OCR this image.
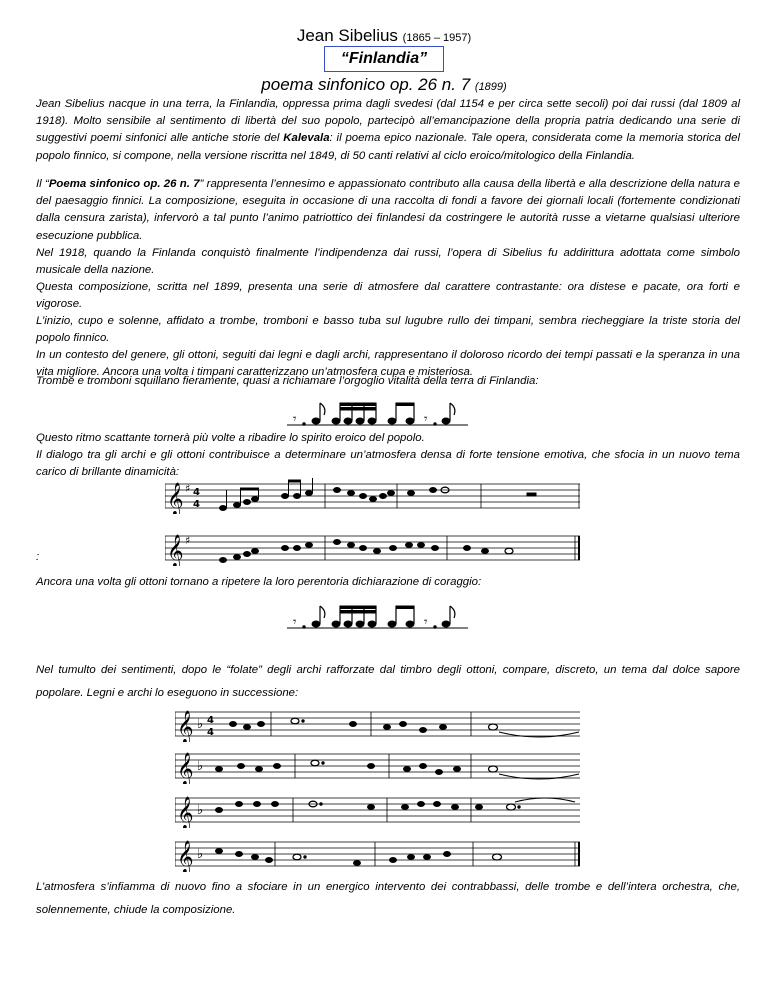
Jean Sibelius (1865 – 1957)
“Finlandia”
poema sinfonico op. 26 n. 7 (1899)

Jean Sibelius nacque in una terra, la Finlandia, oppressa prima dagli svedesi (dal 1154 e per circa sette secoli) poi dai russi (dal 1809 al 1918). Molto sensibile al sentimento di libertà del suo popolo, partecipò all’emancipazione della propria patria dedicando una serie di suggestivi poemi sinfonici alle antiche storie del Kalevala: il poema epico nazionale. Tale opera, considerata come la memoria storica del popolo finnico, si compone, nella versione riscritta nel 1849, di 50 canti relativi al ciclo eroico/mitologico della Finlandia.

Il “Poema sinfonico op. 26 n. 7” rappresenta l’ennesimo e appassionato contributo alla causa della libertà e alla descrizione della natura e del paesaggio finnici. La composizione, eseguita in occasione di una raccolta di fondi a favore dei giornali locali (fortemente condizionati dalla censura zarista), infervorò a tal punto l’animo patriottico dei finlandesi da costringere le autorità russe a vietarne qualsiasi ulteriore esecuzione pubblica.

Nel 1918, quando la Finlanda conquistò finalmente l’indipendenza dai russi, l’opera di Sibelius fu addirittura adottata come simbolo musicale della nazione.

Questa composizione, scritta nel 1899, presenta una serie di atmosfere dal carattere contrastante: ora distese e pacate, ora forti e vigorose.

L’inizio, cupo e solenne, affidato a trombe, tromboni e basso tuba sul lugubre rullo dei timpani, sembra riecheggiare la triste storia del popolo finnico.

In un contesto del genere, gli ottoni, seguiti dai legni e dagli archi, rappresentano il doloroso ricordo dei tempi passati e la speranza in una vita migliore. Ancora una volta i timpani caratterizzano un’atmosfera cupa e misteriosa.

Trombe e tromboni squillano fieramente, quasi a richiamare l’orgoglio vitalità della terra di Finlandia:

𝄾	𝄾

Questo ritmo scattante tornerà più volte a ribadire lo spirito eroico del popolo.

Il dialogo tra gli archi e gli ottoni contribuisce a determinare un’atmosfera densa di forte tensione emotiva, che sfocia in un nuovo tema carico di brillante dinamicità:

𝄞 ♯ 4
4
:	𝄞 ♯

Ancora una volta gli ottoni tornano a ripetere la loro perentoria dichiarazione di coraggio:

𝄾	𝄾

Nel tumulto dei sentimenti, dopo le “folate” degli archi rafforzate dal timbro degli ottoni, compare, discreto, un tema dal dolce sapore popolare. Legni e archi lo eseguono in successione:

𝄞 ♭ 4
4
𝄞 ♭
𝄞 ♭
𝄞 ♭

L’atmosfera s’infiamma di nuovo fino a sfociare in un energico intervento dei contrabbassi, delle trombe e dell’intera orchestra, che, solennemente, chiude la composizione.
